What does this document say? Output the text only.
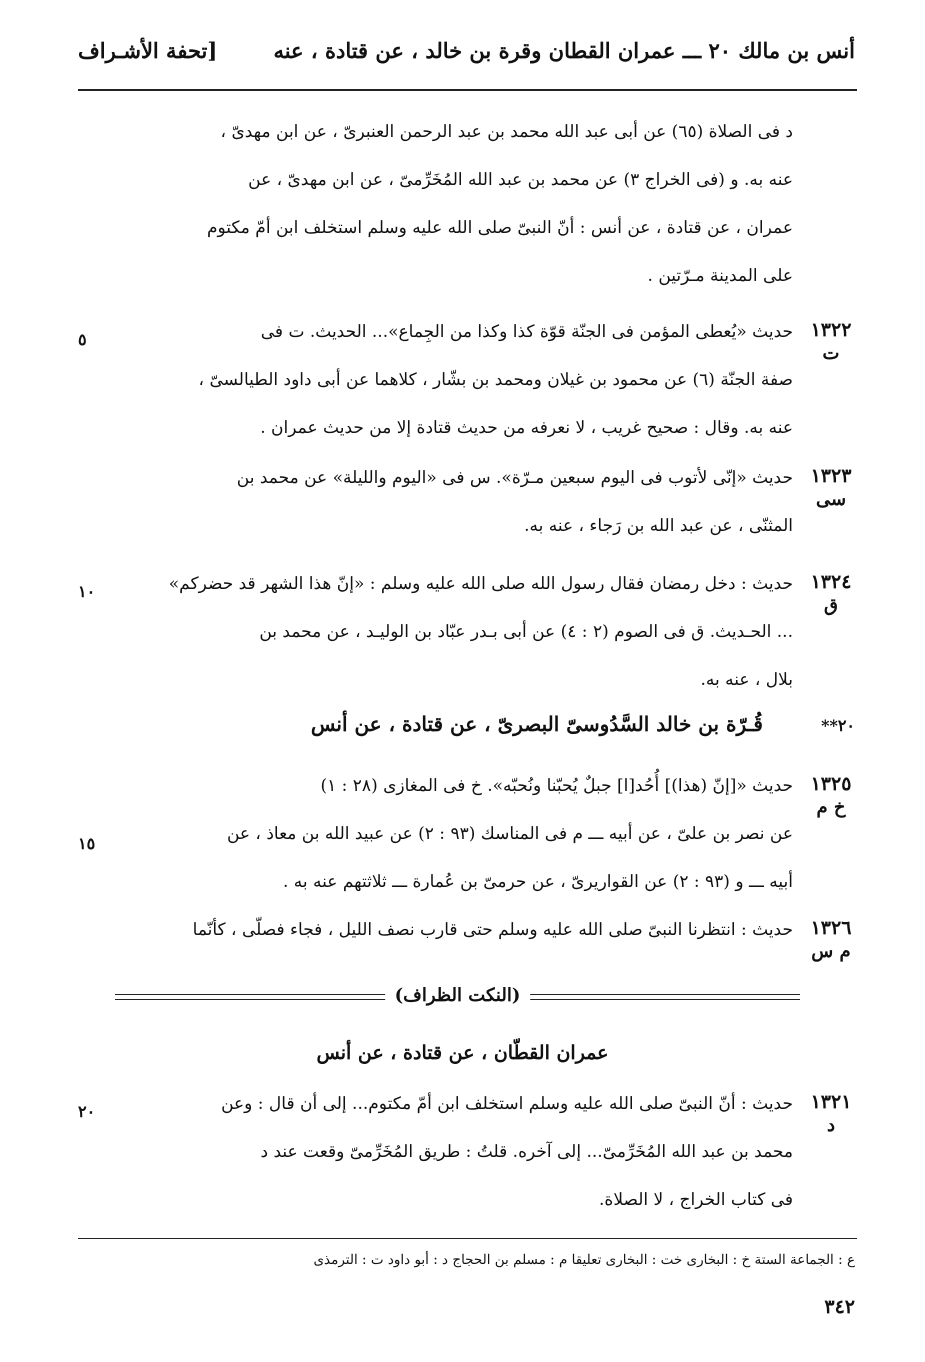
أنس بن مالك ٢٠ ـــ عمران القطان وقرة بن خالد ، عن قتادة ، عنه
[تحفة الأشـراف
د فى الصلاة (٦٥) عن أبى عبد الله محمد بن عبد الرحمن العنبرىّ ، عن ابن مهدىّ ،
عنه به. و (فى الخراج ٣) عن محمد بن عبد الله المُخَرِّمىّ ، عن ابن مهدىّ ، عن
عمران ، عن قتادة ، عن أنس : أنّ النبىّ صلى الله عليه وسلم استخلف ابن أمّ مكتوم
على المدينة مـرّتين .
١٣٢٢
ت
٥	حديث «يُعطى المؤمن فى الجنّة قوّة كذا وكذا من الجِماع»... الحديث. ت فى
صفة الجنّة (٦) عن محمود بن غيلان ومحمد بن بشّار ، كلاهما عن أبى داود الطيالسىّ ،
عنه به. وقال : صحيح غريب ، لا نعرفه من حديث قتادة إلا من حديث عمران .
١٣٢٣
سى
حديث «إنّى لأتوب فى اليوم سبعين مـرّة». س فى «اليوم والليلة» عن محمد بن
المثنّى ، عن عبد الله بن رَجاء ، عنه به.
١٣٢٤
ق
١٠	حديث : دخل رمضان فقال رسول الله صلى الله عليه وسلم : «إنّ هذا الشهر قد حضركم»
... الحـديث. ق فى الصوم (٢ : ٤) عن أبى بـدر عبّاد بن الوليـد ، عن محمد بن
بلال ، عنه به.
٢٠**
قُـرّة بن خالد السَّدُوسىّ البصرىّ ، عن قتادة ، عن أنس
١٣٢٥
خ م
١٥
حديث «[إنّ (هذا)] أُحُد[ا] جبلٌ يُحبّنا ونُحبّه». خ فى المغازى (٢٨ : ١)
عن نصر بن علىّ ، عن أبيه ـــ م فى المناسك (٩٣ : ٢) عن عبيد الله بن معاذ ، عن
أبيه ـــ و (٩٣ : ٢) عن القواريرىّ ، عن حرمىّ بن عُمارة ـــ ثلاثتهم عنه به .
١٣٢٦
م س
حديث : انتظرنا النبىّ صلى الله عليه وسلم حتى قارب نصف الليل ، فجاء فصلّى ، كأنّما
(النكت الظراف)
عمران القطّان ، عن قتادة ، عن أنس
١٣٢١
د
٢٠	حديث : أنّ النبىّ صلى الله عليه وسلم استخلف ابن أمّ مكتوم... إلى أن قال : وعن
محمد بن عبد الله المُخَرِّمىّ... إلى آخره. قلتُ : طريق المُخَرِّمىّ وقعت عند د
فى كتاب الخراج ، لا الصلاة.
ع : الجماعة الستة خ : البخارى خت : البخارى تعليقا م : مسلم بن الحجاج د : أبو داود ت : الترمذى
٣٤٢
